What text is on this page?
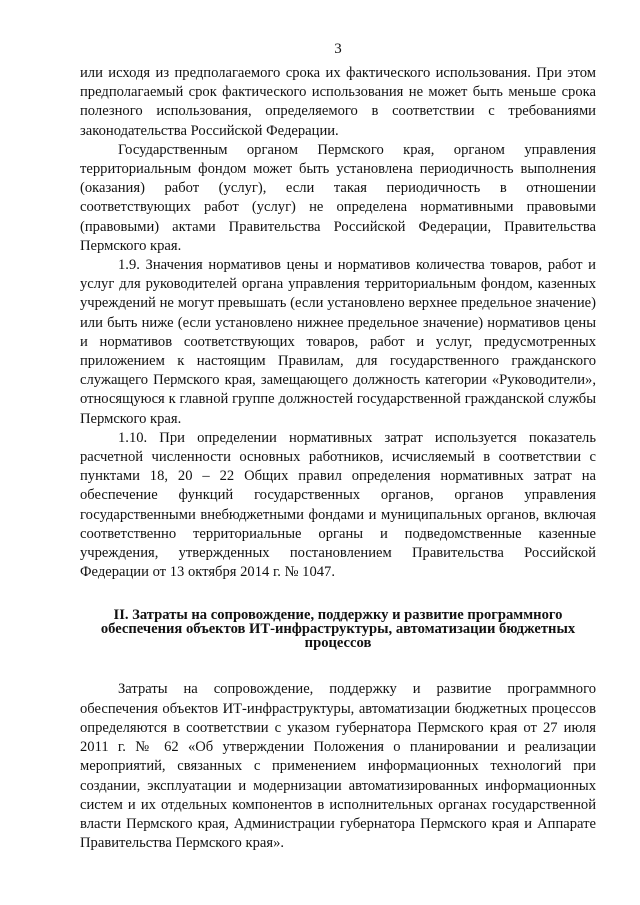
3

или исходя из предполагаемого срока их фактического использования. При этом предполагаемый срок фактического использования не может быть меньше срока полезного использования, определяемого в соответствии с требованиями законодательства Российской Федерации.

Государственным органом Пермского края, органом управления территориальным фондом может быть установлена периодичность выполнения (оказания) работ (услуг), если такая периодичность в отношении соответствующих работ (услуг) не определена нормативными правовыми (правовыми) актами Правительства Российской Федерации, Правительства Пермского края.

1.9. Значения нормативов цены и нормативов количества товаров, работ и услуг для руководителей органа управления территориальным фондом, казенных учреждений не могут превышать (если установлено верхнее предельное значение) или быть ниже (если установлено нижнее предельное значение) нормативов цены и нормативов соответствующих товаров, работ и услуг, предусмотренных приложением к настоящим Правилам, для государственного гражданского служащего Пермского края, замещающего должность категории «Руководители», относящуюся к главной группе должностей государственной гражданской службы Пермского края.

1.10. При определении нормативных затрат используется показатель расчетной численности основных работников, исчисляемый в соответствии с пунктами 18, 20 – 22 Общих правил определения нормативных затрат на обеспечение функций государственных органов, органов управления государственными внебюджетными фондами и муниципальных органов, включая соответственно территориальные органы и подведомственные казенные учреждения, утвержденных постановлением Правительства Российской Федерации от 13 октября 2014 г. № 1047.

II. Затраты на сопровождение, поддержку и развитие программного обеспечения объектов ИТ-инфраструктуры, автоматизации бюджетных процессов

Затраты на сопровождение, поддержку и развитие программного обеспечения объектов ИТ-инфраструктуры, автоматизации бюджетных процессов определяются в соответствии с указом губернатора Пермского края от 27 июля 2011 г. № 62 «Об утверждении Положения о планировании и реализации мероприятий, связанных с применением информационных технологий при создании, эксплуатации и модернизации автоматизированных информационных систем и их отдельных компонентов в исполнительных органах государственной власти Пермского края, Администрации губернатора Пермского края и Аппарате Правительства Пермского края».
